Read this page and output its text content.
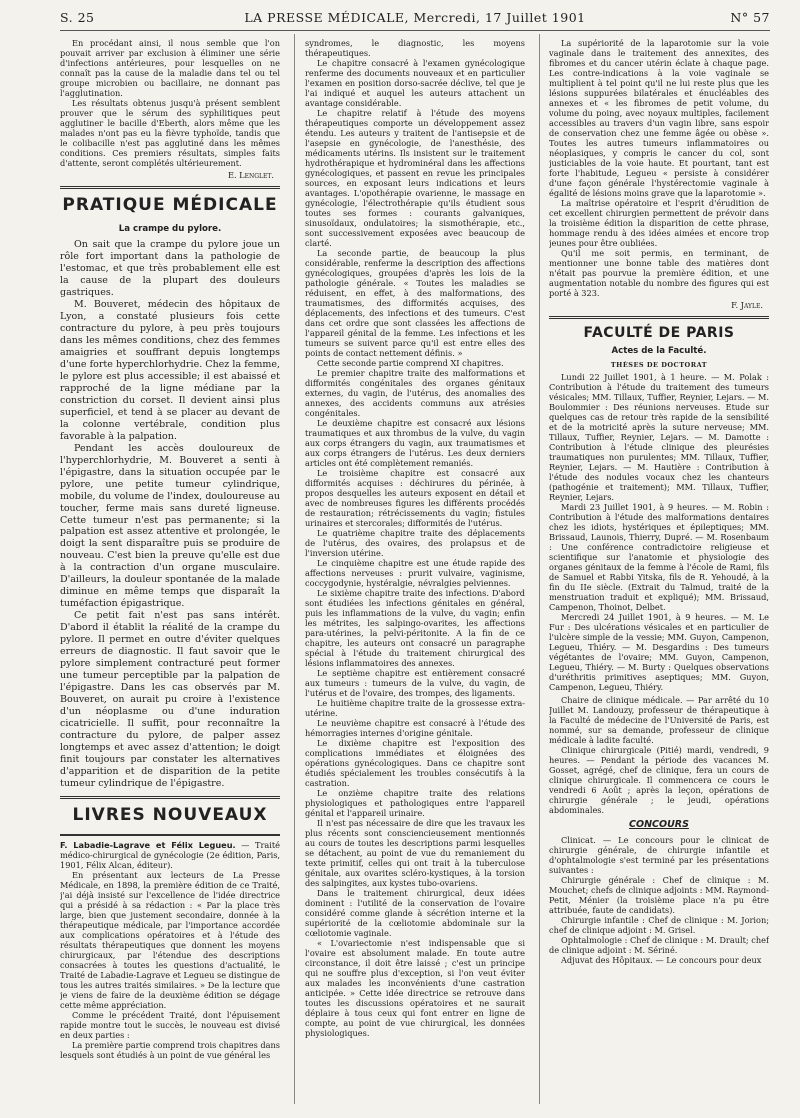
S. 25	LA PRESSE MÉDICALE, Mercredi, 17 Juillet 1901	N° 57

En procédant ainsi, il nous semble que l'on pouvait arriver par exclusion à éliminer une série d'infections antérieures, pour lesquelles on ne connaît pas la cause de la maladie dans tel ou tel groupe microbien ou bacillaire, ne donnant pas l'agglutination.

Les résultats obtenus jusqu'à présent semblent prouver que le sérum des syphilitiques peut agglutiner le bacille d'Eberth, alors même que les malades n'ont pas eu la fièvre typhoïde, tandis que le colibacille n'est pas agglutiné dans les mêmes conditions. Ces premiers résultats, simples faits d'attente, seront complétés ultérieurement.

E. Lenglet.
PRATIQUE MÉDICALE
La crampe du pylore.

On sait que la crampe du pylore joue un rôle fort important dans la pathologie de l'estomac, et que très probablement elle est la cause de la plupart des douleurs gastriques.

M. Bouveret, médecin des hôpitaux de Lyon, a constaté plusieurs fois cette contracture du pylore, à peu près toujours dans les mêmes conditions, chez des femmes amaigries et souffrant depuis longtemps d'une forte hyperchlorhydrie. Chez la femme, le pylore est plus accessible; il est abaissé et rapproché de la ligne médiane par la constriction du corset. Il devient ainsi plus superficiel, et tend à se placer au devant de la colonne vertébrale, condition plus favorable à la palpation.

Pendant les accès douloureux de l'hyperchlorhydrie, M. Bouveret a senti à l'épigastre, dans la situation occupée par le pylore, une petite tumeur cylindrique, mobile, du volume de l'index, douloureuse au toucher, ferme mais sans dureté ligneuse. Cette tumeur n'est pas permanente; si la palpation est assez attentive et prolongée, le doigt la sent disparaître puis se produire de nouveau. C'est bien la preuve qu'elle est due à la contraction d'un organe musculaire. D'ailleurs, la douleur spontanée de la malade diminue en même temps que disparaît la tuméfaction épigastrique.

Ce petit fait n'est pas sans intérêt. D'abord il établit la réalité de la crampe du pylore. Il permet en outre d'éviter quelques erreurs de diagnostic. Il faut savoir que le pylore simplement contracturé peut former une tumeur perceptible par la palpation de l'épigastre. Dans les cas observés par M. Bouveret, on aurait pu croire à l'existence d'un néoplasme ou d'une induration cicatricielle. Il suffit, pour reconnaître la contracture du pylore, de palper assez longtemps et avec assez d'attention; le doigt finit toujours par constater les alternatives d'apparition et de disparition de la petite tumeur cylindrique de l'épigastre.

LIVRES NOUVEAUX

F. Labadie-Lagrave et Félix Legueu. — Traité médico-chirurgical de gynécologie (2e édition, Paris, 1901, Félix Alcan, éditeur).

En présentant aux lecteurs de La Presse Médicale, en 1898, la première édition de ce Traité, j'ai déjà insisté sur l'excellence de l'idée directrice qui a présidé à sa rédaction : « Par la place très large, bien que justement secondaire, donnée à la thérapeutique médicale, par l'importance accordée aux complications opératoires et à l'étude des résultats thérapeutiques que donnent les moyens chirurgicaux, par l'étendue des descriptions consacrées à toutes les questions d'actualité, le Traité de Labadie-Lagrave et Legueu se distingue de tous les autres traités similaires. » De la lecture que je viens de faire de la deuxième édition se dégage cette même appréciation.

Comme le précédent Traité, dont l'épuisement rapide montre tout le succès, le nouveau est divisé en deux parties :

La première partie comprend trois chapitres dans lesquels sont étudiés à un point de vue général les

syndromes, le diagnostic, les moyens thérapeutiques.

Le chapitre consacré à l'examen gynécologique renferme des documents nouveaux et en particulier l'examen en position dorso-sacrée déclive, tel que je l'ai indiqué et auquel les auteurs attachent un avantage considérable.

Le chapitre relatif à l'étude des moyens thérapeutiques comporte un développement assez étendu. Les auteurs y traitent de l'antisepsie et de l'asepsie en gynécologie, de l'anesthésie, des médicaments utérins. Ils insistent sur le traitement hydrothérapique et hydrominéral dans les affections gynécologiques, et passent en revue les principales sources, en exposant leurs indications et leurs avantages. L'opothérapie ovarienne, le massage en gynécologie, l'électrothérapie qu'ils étudient sous toutes ses formes : courants galvaniques, sinusoïdaux, ondulatoires; la sismothérapie, etc., sont successivement exposées avec beaucoup de clarté.

La seconde partie, de beaucoup la plus considérable, renferme la description des affections gynécologiques, groupées d'après les lois de la pathologie générale. « Toutes les maladies se réduisent, en effet, à des malformations, des traumatismes, des difformités acquises, des déplacements, des infections et des tumeurs. C'est dans cet ordre que sont classées les affections de l'appareil génital de la femme. Les infections et les tumeurs se suivent parce qu'il est entre elles des points de contact nettement définis. »

Cette seconde partie comprend XI chapitres.

Le premier chapitre traite des malformations et difformités congénitales des organes génitaux externes, du vagin, de l'utérus, des anomalies des annexes, des accidents communs aux atrésies congénitales.

Le deuxième chapitre est consacré aux lésions traumatiques et aux thrombus de la vulve, du vagin aux corps étrangers du vagin, aux traumatismes et aux corps étrangers de l'utérus. Les deux derniers articles ont été complètement remaniés.

Le troisième chapitre est consacré aux difformités acquises : déchirures du périnée, à propos desquelles les auteurs exposent en détail et avec de nombreuses figures les différents procédés de restauration; rétrécissements du vagin; fistules urinaires et stercorales; difformités de l'utérus.

Le quatrième chapitre traite des déplacements de l'utérus, des ovaires, des prolapsus et de l'inversion utérine.

Le cinquième chapitre est une étude rapide des affections nerveuses : prurit vulvaire, vaginisme, coccygodynie, hystéralgie, névralgies pelviennes.

Le sixième chapitre traite des infections. D'abord sont étudiées les infections génitales en général, puis les inflammations de la vulve, du vagin; enfin les métrites, les salpingo-ovarites, les affections para-utérines, la pelvi-péritonite. A la fin de ce chapitre, les auteurs ont consacré un paragraphe spécial à l'étude du traitement chirurgical des lésions inflammatoires des annexes.

Le septième chapitre est entièrement consacré aux tumeurs : tumeurs de la vulve, du vagin, de l'utérus et de l'ovaire, des trompes, des ligaments.

Le huitième chapitre traite de la grossesse extra-utérine.

Le neuvième chapitre est consacré à l'étude des hémorragies internes d'origine génitale.

Le dixième chapitre est l'exposition des complications immédiates et éloignées des opérations gynécologiques. Dans ce chapitre sont étudiés spécialement les troubles consécutifs à la castration.

Le onzième chapitre traite des relations physiologiques et pathologiques entre l'appareil génital et l'appareil urinaire.

Il n'est pas nécessaire de dire que les travaux les plus récents sont consciencieusement mentionnés au cours de toutes les descriptions parmi lesquelles se détachent, au point de vue du remaniement du texte primitif, celles qui ont trait à la tuberculose génitale, aux ovarites scléro-kystiques, à la torsion des salpingites, aux kystes tubo-ovariens.

Dans le traitement chirurgical, deux idées dominent : l'utilité de la conservation de l'ovaire considéré comme glande à sécrétion interne et la supériorité de la cœliotomie abdominale sur la cœliotomie vaginale.

« L'ovariectomie n'est indispensable que si l'ovaire est absolument malade. En toute autre circonstance, il doit être laissé ; c'est un principe qui ne souffre plus d'exception, si l'on veut éviter aux malades les inconvénients d'une castration anticipée. » Cette idée directrice se retrouve dans toutes les discussions opératoires et ne saurait déplaire à tous ceux qui font entrer en ligne de compte, au point de vue chirurgical, les données physiologiques.

La supériorité de la laparotomie sur la voie vaginale dans le traitement des annexites, des fibromes et du cancer utérin éclate à chaque page. Les contre-indications à la voie vaginale se multiplient à tel point qu'il ne lui reste plus que les lésions suppurées bilatérales et énucléables des annexes et « les fibromes de petit volume, du volume du poing, avec noyaux multiples, facilement accessibles au travers d'un vagin libre, sans espoir de conservation chez une femme âgée ou obèse ». Toutes les autres tumeurs inflammatoires ou néoplasiques, y compris le cancer du col, sont justiciables de la voie haute. Et pourtant, tant est forte l'habitude, Legueu « persiste à considérer d'une façon générale l'hystérectomie vaginale à égalité de lésions moins grave que la laparotomie ».

La maîtrise opératoire et l'esprit d'érudition de cet excellent chirurgien permettent de prévoir dans la troisième édition la disparition de cette phrase, hommage rendu à des idées aimées et encore trop jeunes pour être oubliées.

Qu'il me soit permis, en terminant, de mentionner une bonne table des matières dont n'était pas pourvue la première édition, et une augmentation notable du nombre des figures qui est porté à 323.

F. Jayle.
FACULTÉ DE PARIS
Actes de la Faculté.
THÈSES DE DOCTORAT

Lundi 22 Juillet 1901, à 1 heure. — M. Polak : Contribution à l'étude du traitement des tumeurs vésicales; MM. Tillaux, Tuffier, Reynier, Lejars. — M. Boulommier : Des réunions nerveuses. Etude sur quelques cas de retour très rapide de la sensibilité et de la motricité après la suture nerveuse; MM. Tillaux, Tuffier, Reynier, Lejars. — M. Damotte : Contribution à l'étude clinique des pleurésies traumatiques non purulentes; MM. Tillaux, Tuffier, Reynier, Lejars. — M. Hautière : Contribution à l'étude des nodules vocaux chez les chanteurs (pathogénie et traitement); MM. Tillaux, Tuffier, Reynier, Lejars.

Mardi 23 Juillet 1901, à 9 heures. — M. Robin : Contribution à l'étude des malformations dentaires chez les idiots, hystériques et épileptiques; MM. Brissaud, Launois, Thierry, Dupré. — M. Rosenbaum : Une conférence contradictoire religieuse et scientifique sur l'anatomie et physiologie des organes génitaux de la femme à l'école de Rami, fils de Samuel et Rabbi Yitska, fils de R. Yehoudé, à la fin du IIe siècle. (Extrait du Talmud, traité de la menstruation traduit et expliqué); MM. Brissaud, Campenon, Thoinot, Delbet.

Mercredi 24 Juillet 1901, à 9 heures. — M. Le Fur : Des ulcérations vésicales et en particulier de l'ulcère simple de la vessie; MM. Guyon, Campenon, Legueu, Thiéry. — M. Desgardins : Des tumeurs végétantes de l'ovaire; MM. Guyon, Campenon, Legueu, Thiéry. — M. Burty : Quelques observations d'uréthritis primitives aseptiques; MM. Guyon, Campenon, Legueu, Thiéry.

Chaire de clinique médicale. — Par arrêté du 10 Juillet M. Landouzy, professeur de thérapeutique à la Faculté de médecine de l'Université de Paris, est nommé, sur sa demande, professeur de clinique médicale à ladite faculté.

Clinique chirurgicale (Pitié) mardi, vendredi, 9 heures. — Pendant la période des vacances M. Gosset, agrégé, chef de clinique, fera un cours de clinique chirurgicale. Il commencera ce cours le vendredi 6 Août ; après la leçon, opérations de chirurgie générale ; le jeudi, opérations abdominales.

CONCOURS

Clinicat. — Le concours pour le clinicat de chirurgie générale, de chirurgie infantile et d'ophtalmologie s'est terminé par les présentations suivantes :

Chirurgie générale : Chef de clinique : M. Mouchet; chefs de clinique adjoints : MM. Raymond-Petit, Ménier (la troisième place n'a pu être attribuée, faute de candidats).

Chirurgie infantile : Chef de clinique : M. Jorion; chef de clinique adjoint : M. Grisel.

Ophtalmologie : Chef de clinique : M. Drault; chef de clinique adjoint : M. Sériné.

Adjuvat des Hôpitaux. — Le concours pour deux
